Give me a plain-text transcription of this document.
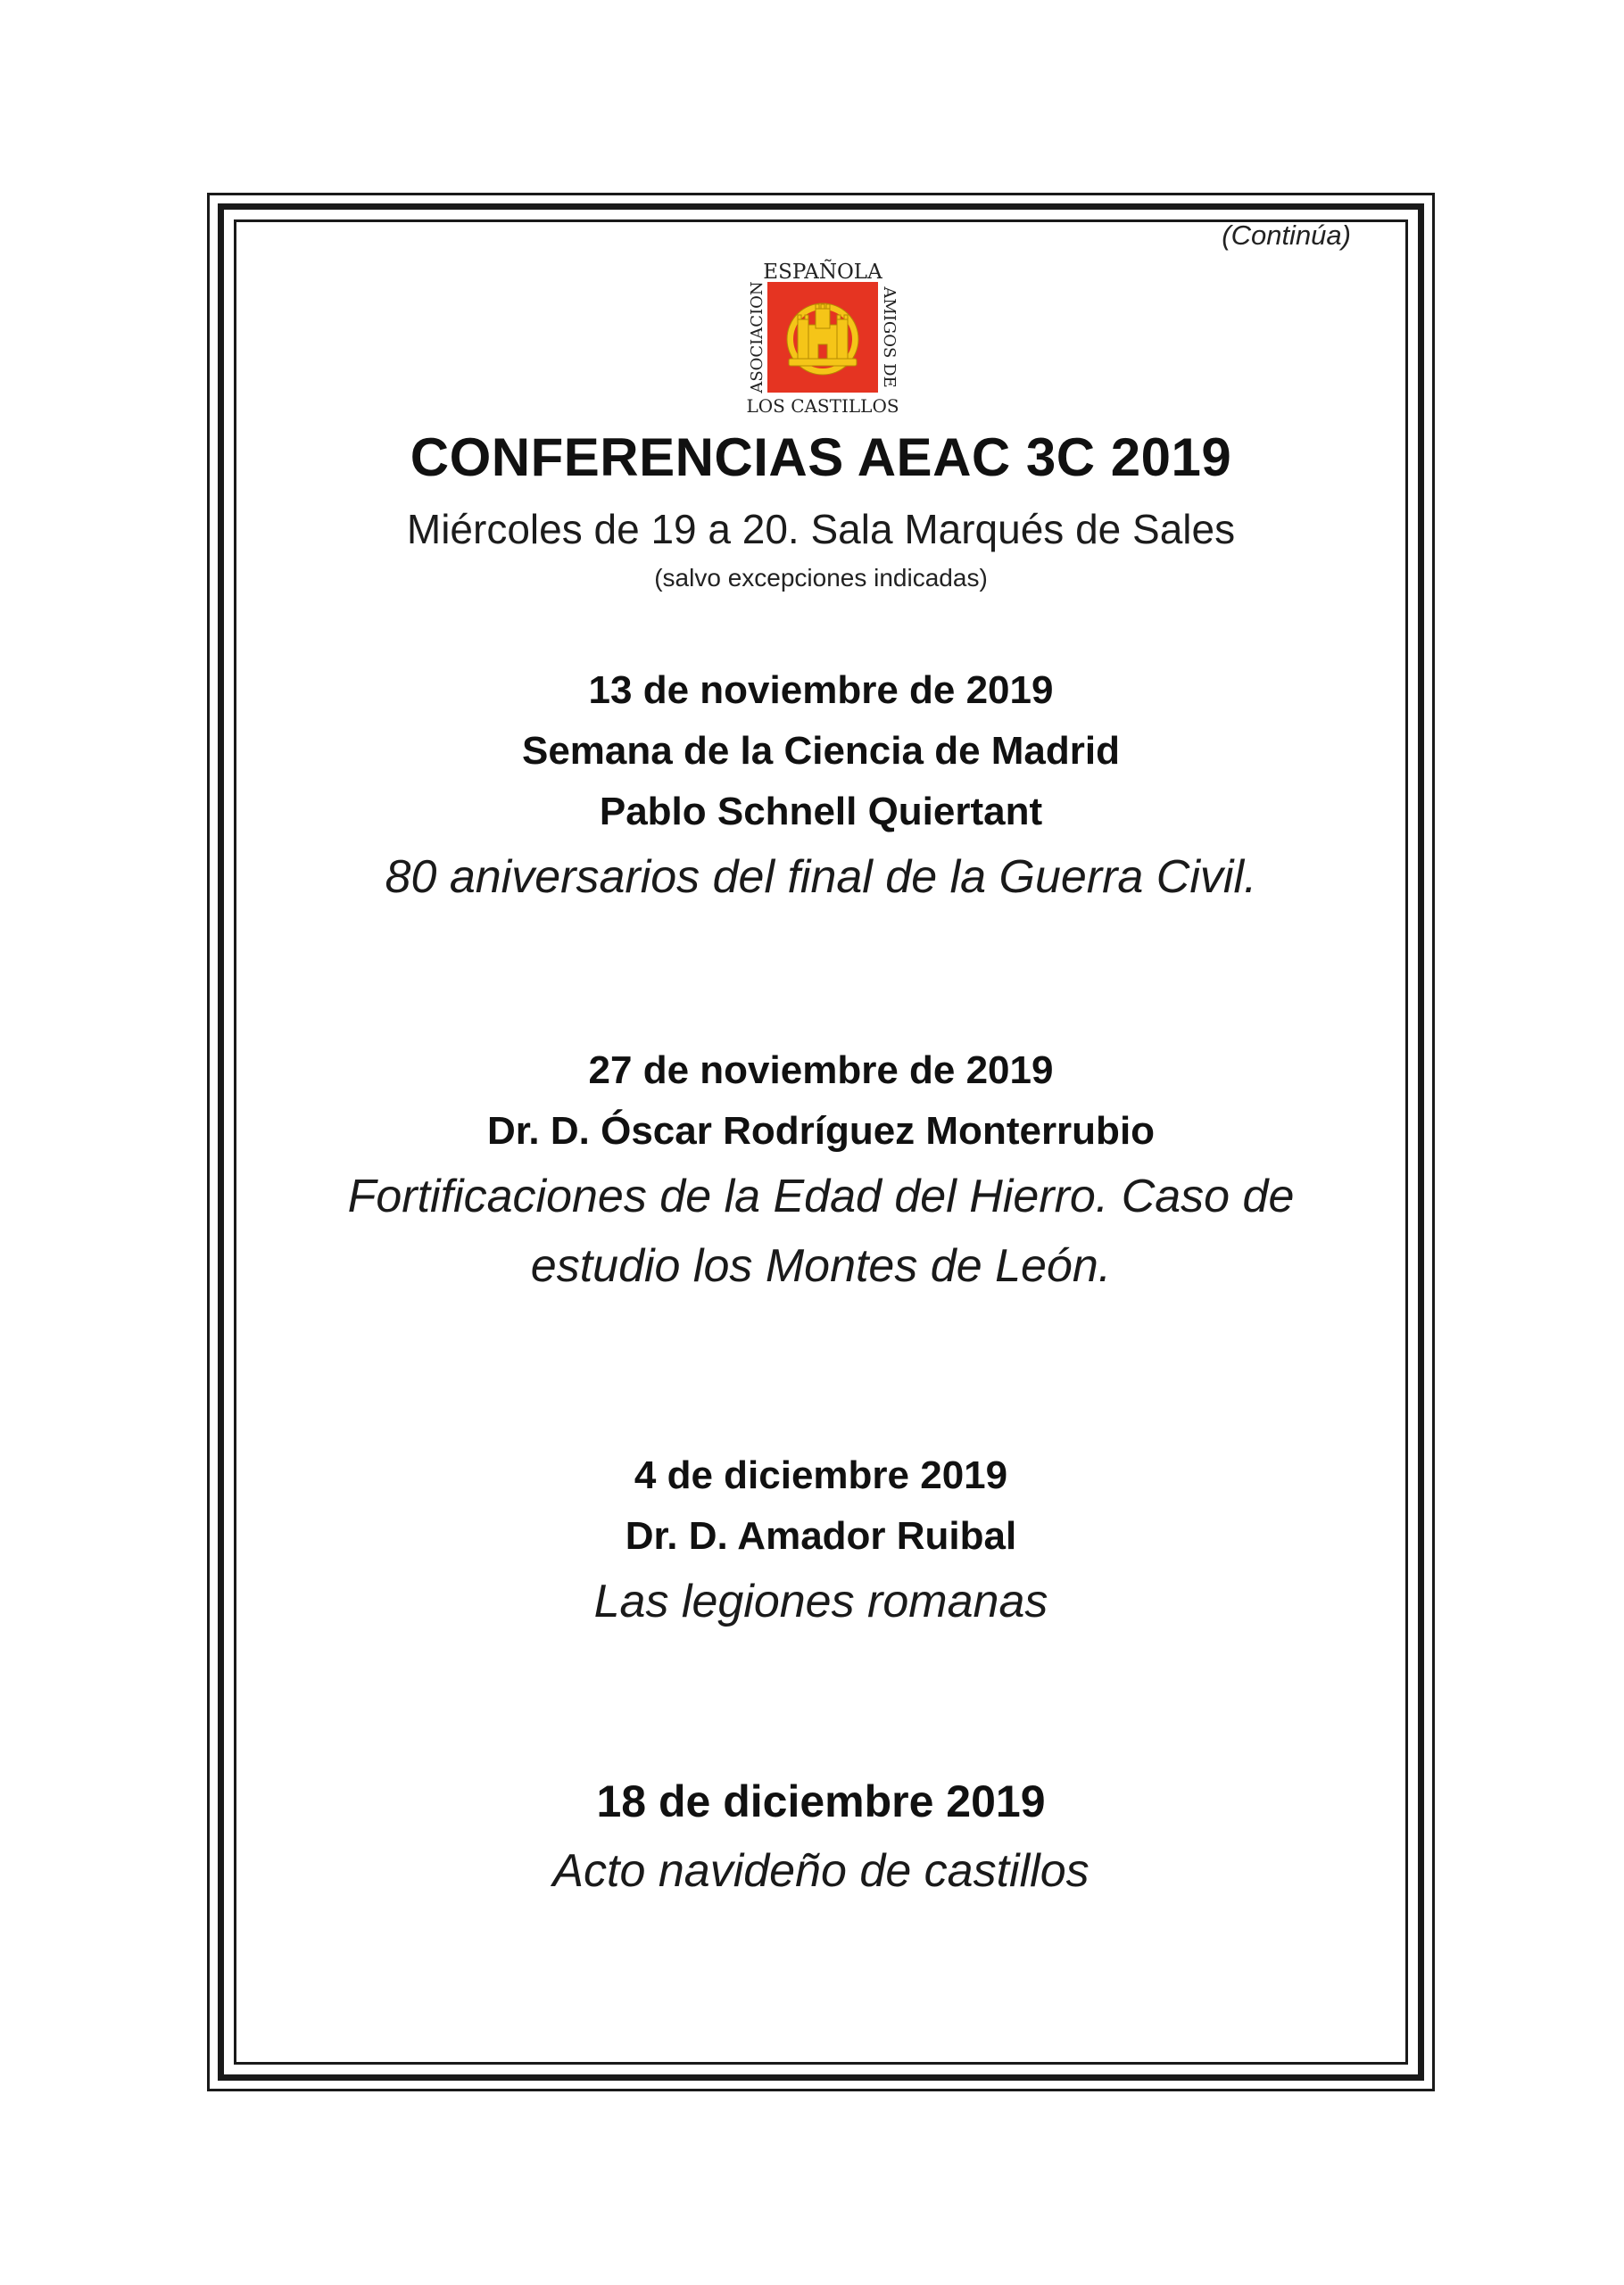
(Continúa)
ESPAÑOLA
LOS CASTILLOS
ASOCIACION	AMIGOS DE
CONFERENCIAS AEAC 3C 2019
Miércoles de 19 a 20. Sala Marqués de Sales
(salvo excepciones indicadas)
13 de noviembre de 2019
Semana de la Ciencia de Madrid
Pablo Schnell Quiertant
80 aniversarios del final de la Guerra Civil.
27 de noviembre de 2019
Dr. D. Óscar Rodríguez Monterrubio
Fortificaciones de la Edad del Hierro. Caso de
estudio los Montes de León.
4 de diciembre 2019
Dr. D. Amador Ruibal
Las legiones romanas
18 de diciembre 2019
Acto navideño de castillos
